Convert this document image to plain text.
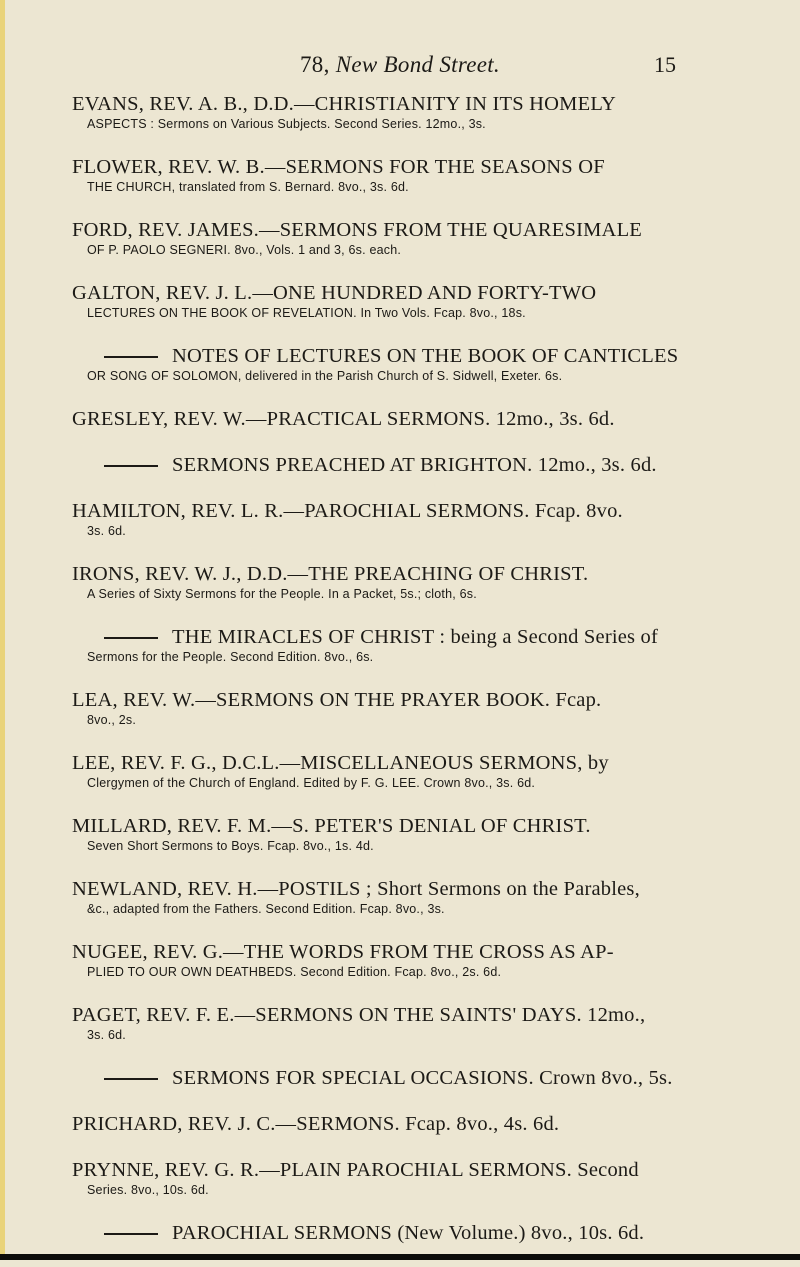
78, New Bond Street.	15
EVANS, REV. A. B., D.D.—CHRISTIANITY IN ITS HOMELY
ASPECTS : Sermons on Various Subjects. Second Series. 12mo., 3s.
FLOWER, REV. W. B.—SERMONS FOR THE SEASONS OF
THE CHURCH, translated from S. Bernard. 8vo., 3s. 6d.
FORD, REV. JAMES.—SERMONS FROM THE QUARESIMALE
OF P. PAOLO SEGNERI. 8vo., Vols. 1 and 3, 6s. each.
GALTON, REV. J. L.—ONE HUNDRED AND FORTY-TWO
LECTURES ON THE BOOK OF REVELATION. In Two Vols. Fcap. 8vo., 18s.
NOTES OF LECTURES ON THE BOOK OF CANTICLES
OR SONG OF SOLOMON, delivered in the Parish Church of S. Sidwell, Exeter. 6s.
GRESLEY, REV. W.—PRACTICAL SERMONS. 12mo., 3s. 6d.
SERMONS PREACHED AT BRIGHTON. 12mo., 3s. 6d.
HAMILTON, REV. L. R.—PAROCHIAL SERMONS. Fcap. 8vo.
3s. 6d.
IRONS, REV. W. J., D.D.—THE PREACHING OF CHRIST.
A Series of Sixty Sermons for the People. In a Packet, 5s.; cloth, 6s.
THE MIRACLES OF CHRIST : being a Second Series of
Sermons for the People. Second Edition. 8vo., 6s.
LEA, REV. W.—SERMONS ON THE PRAYER BOOK. Fcap.
8vo., 2s.
LEE, REV. F. G., D.C.L.—MISCELLANEOUS SERMONS, by
Clergymen of the Church of England. Edited by F. G. LEE. Crown 8vo., 3s. 6d.
MILLARD, REV. F. M.—S. PETER'S DENIAL OF CHRIST.
Seven Short Sermons to Boys. Fcap. 8vo., 1s. 4d.
NEWLAND, REV. H.—POSTILS ; Short Sermons on the Parables,
&c., adapted from the Fathers. Second Edition. Fcap. 8vo., 3s.
NUGEE, REV. G.—THE WORDS FROM THE CROSS AS AP-
PLIED TO OUR OWN DEATHBEDS. Second Edition. Fcap. 8vo., 2s. 6d.
PAGET, REV. F. E.—SERMONS ON THE SAINTS' DAYS. 12mo.,
3s. 6d.
SERMONS FOR SPECIAL OCCASIONS. Crown 8vo., 5s.
PRICHARD, REV. J. C.—SERMONS. Fcap. 8vo., 4s. 6d.
PRYNNE, REV. G. R.—PLAIN PAROCHIAL SERMONS. Second
Series. 8vo., 10s. 6d.
PAROCHIAL SERMONS (New Volume.) 8vo., 10s. 6d.
